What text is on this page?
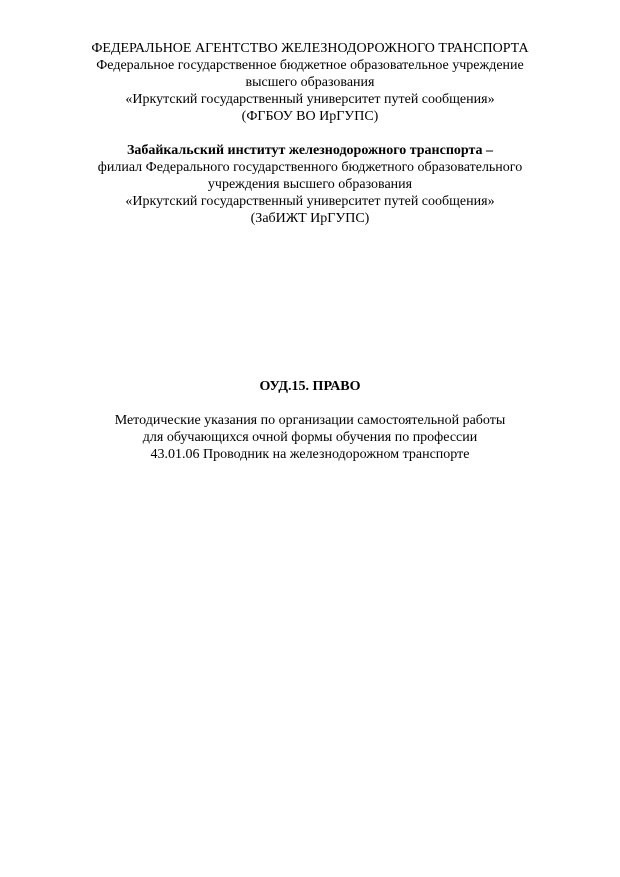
ФЕДЕРАЛЬНОЕ АГЕНТСТВО ЖЕЛЕЗНОДОРОЖНОГО ТРАНСПОРТА
Федеральное государственное бюджетное образовательное учреждение
высшего образования
«Иркутский государственный университет путей сообщения»
(ФГБОУ ВО ИрГУПС)
Забайкальский институт железнодорожного транспорта –
филиал Федерального государственного бюджетного образовательного
учреждения высшего образования
«Иркутский государственный университет путей сообщения»
(ЗабИЖТ ИрГУПС)
ОУД.15. ПРАВО
Методические указания по организации самостоятельной работы
для обучающихся очной формы обучения по профессии
43.01.06 Проводник на железнодорожном транспорте
